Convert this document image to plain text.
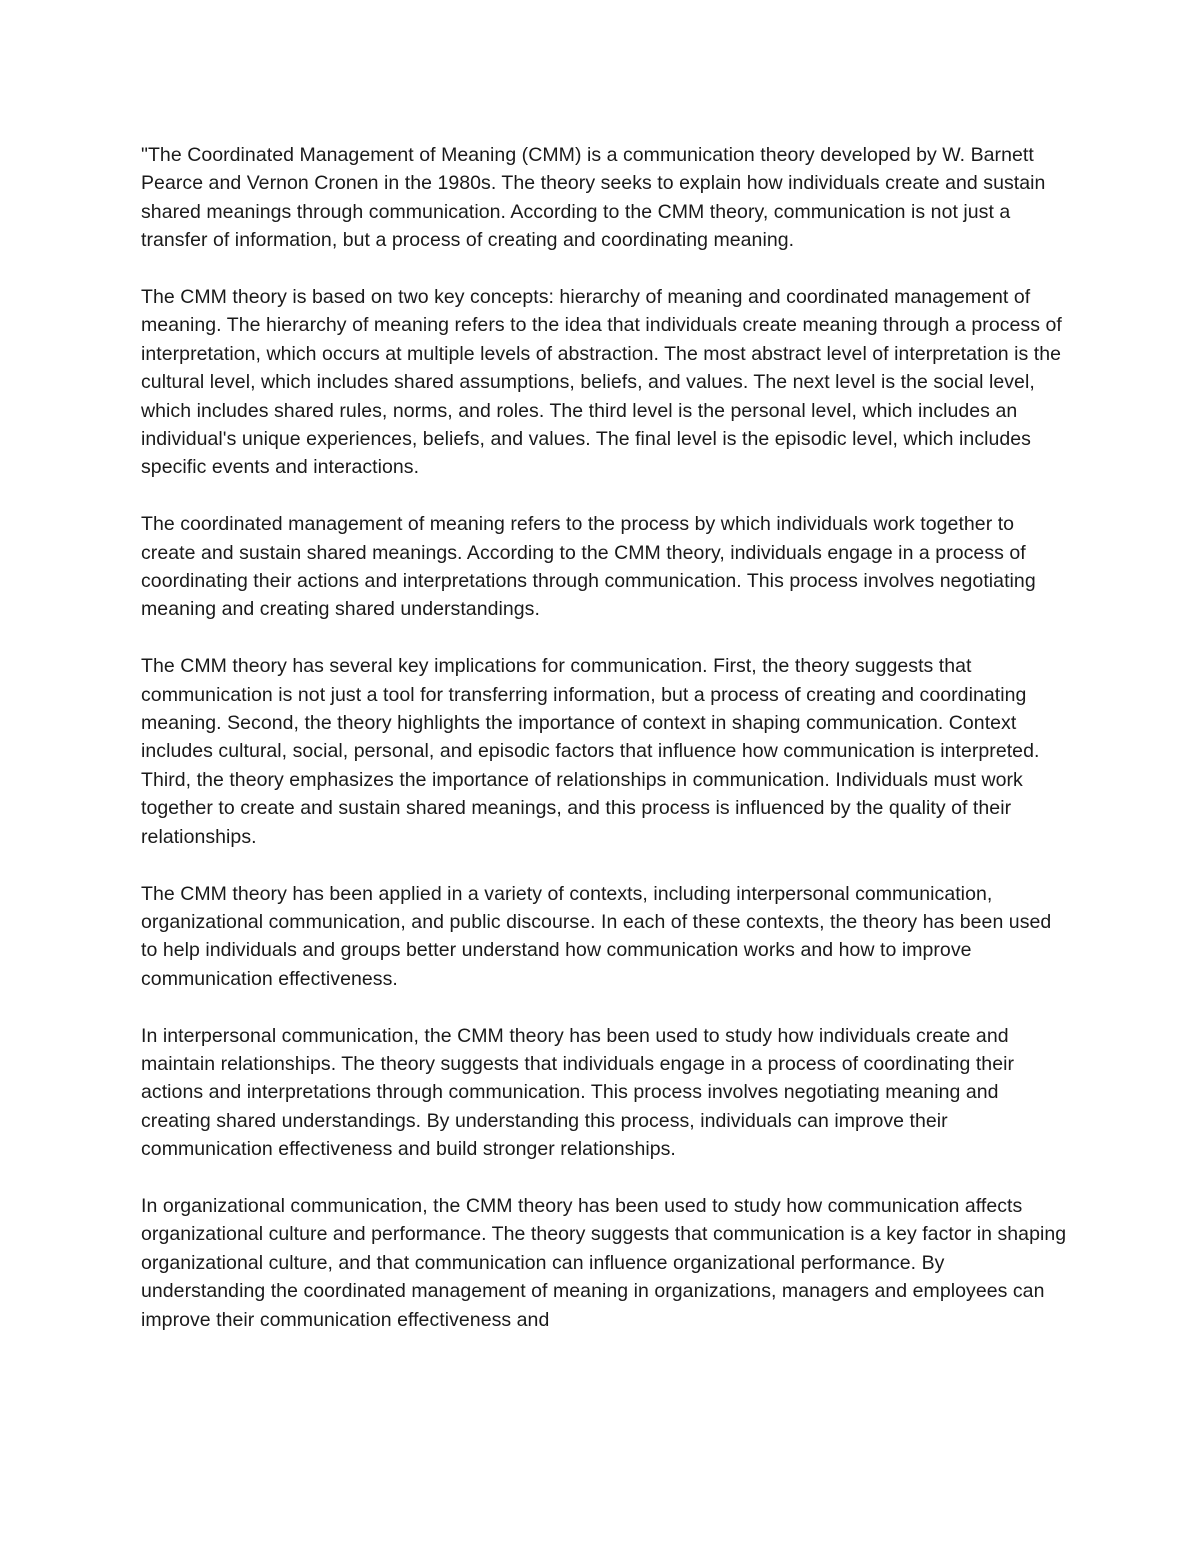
"The Coordinated Management of Meaning (CMM) is a communication theory developed by W. Barnett Pearce and Vernon Cronen in the 1980s. The theory seeks to explain how individuals create and sustain shared meanings through communication. According to the CMM theory, communication is not just a transfer of information, but a process of creating and coordinating meaning.

The CMM theory is based on two key concepts: hierarchy of meaning and coordinated management of meaning. The hierarchy of meaning refers to the idea that individuals create meaning through a process of interpretation, which occurs at multiple levels of abstraction. The most abstract level of interpretation is the cultural level, which includes shared assumptions, beliefs, and values. The next level is the social level, which includes shared rules, norms, and roles. The third level is the personal level, which includes an individual's unique experiences, beliefs, and values. The final level is the episodic level, which includes specific events and interactions.

The coordinated management of meaning refers to the process by which individuals work together to create and sustain shared meanings. According to the CMM theory, individuals engage in a process of coordinating their actions and interpretations through communication. This process involves negotiating meaning and creating shared understandings.

The CMM theory has several key implications for communication. First, the theory suggests that communication is not just a tool for transferring information, but a process of creating and coordinating meaning. Second, the theory highlights the importance of context in shaping communication. Context includes cultural, social, personal, and episodic factors that influence how communication is interpreted. Third, the theory emphasizes the importance of relationships in communication. Individuals must work together to create and sustain shared meanings, and this process is influenced by the quality of their relationships.

The CMM theory has been applied in a variety of contexts, including interpersonal communication, organizational communication, and public discourse. In each of these contexts, the theory has been used to help individuals and groups better understand how communication works and how to improve communication effectiveness.

In interpersonal communication, the CMM theory has been used to study how individuals create and maintain relationships. The theory suggests that individuals engage in a process of coordinating their actions and interpretations through communication. This process involves negotiating meaning and creating shared understandings. By understanding this process, individuals can improve their communication effectiveness and build stronger relationships.

In organizational communication, the CMM theory has been used to study how communication affects organizational culture and performance. The theory suggests that communication is a key factor in shaping organizational culture, and that communication can influence organizational performance. By understanding the coordinated management of meaning in organizations, managers and employees can improve their communication effectiveness and
